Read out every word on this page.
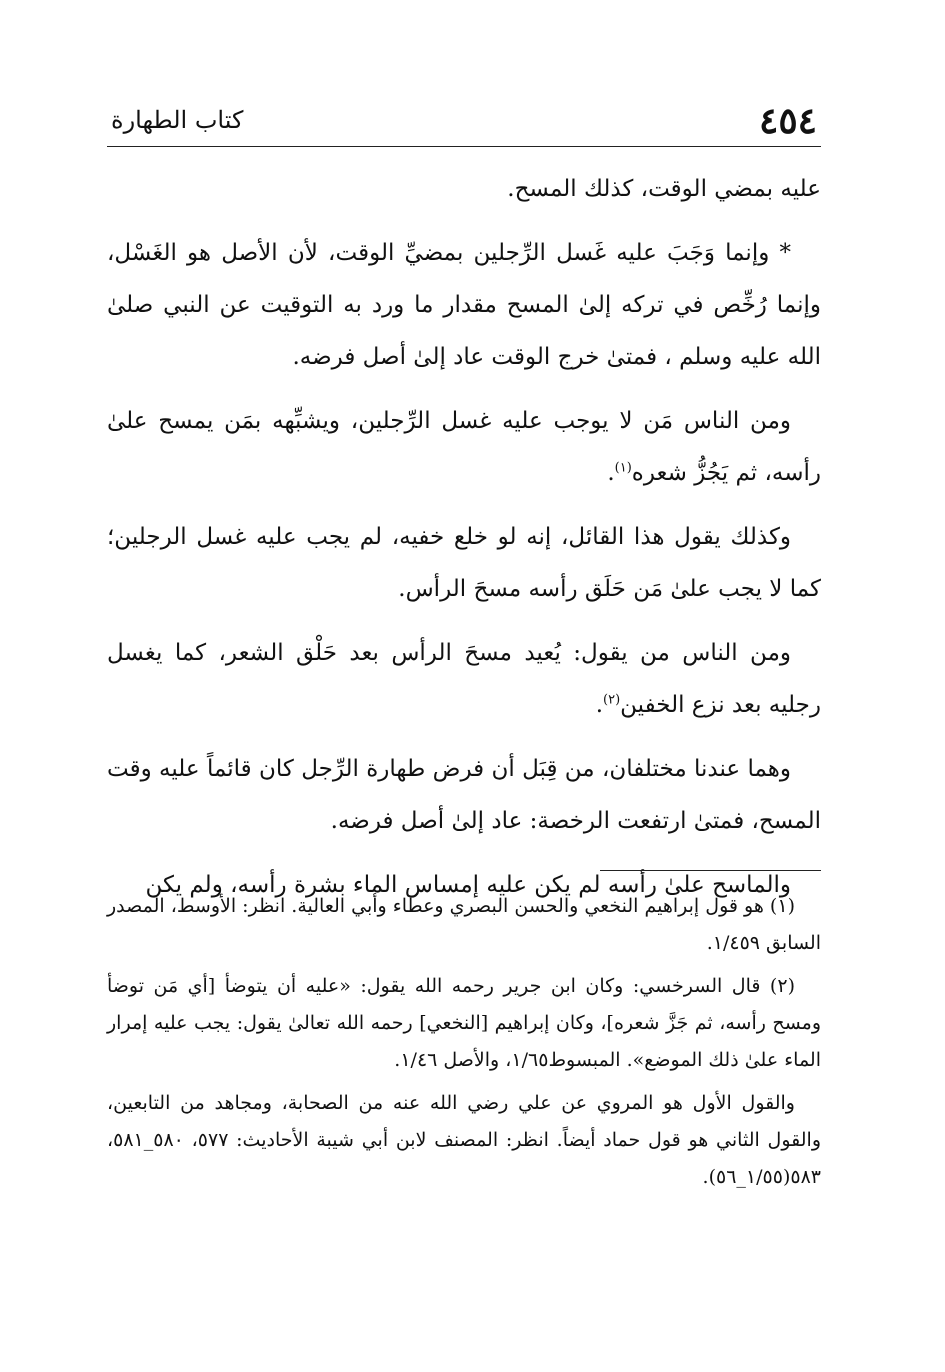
٤٥٤
كتاب الطهارة

عليه بمضي الوقت، كذلك المسح.

* وإنما وَجَبَ عليه غَسل الرِّجلين بمضيِّ الوقت، لأن الأصل هو الغَسْل، وإنما رُخِّص في تركه إلىٰ المسح مقدار ما ورد به التوقيت عن النبي صلىٰ الله عليه وسلم ، فمتىٰ خرج الوقت عاد إلىٰ أصل فرضه.

ومن الناس مَن لا يوجب عليه غسل الرِّجلين، ويشبِّهه بمَن يمسح علىٰ رأسه، ثم يَجُزُّ شعره$^{(١)}$.

وكذلك يقول هذا القائل، إنه لو خلع خفيه، لم يجب عليه غسل الرجلين؛ كما لا يجب علىٰ مَن حَلَق رأسه مسحَ الرأس.

ومن الناس من يقول: يُعيد مسحَ الرأس بعد حَلْق الشعر، كما يغسل رجليه بعد نزع الخفين$^{(٢)}$.

وهما عندنا مختلفان، من قِبَل أن فرض طهارة الرِّجل كان قائماً عليه وقت المسح، فمتىٰ ارتفعت الرخصة: عاد إلىٰ أصل فرضه.

والماسح علىٰ رأسه لم يكن عليه إمساس الماء بشرة رأسه، ولم يكن

(١) هو قول إبراهيم النخعي والحسن البصري وعطاء وأبي العالية. انظر: الأوسط، المصدر السابق ١/٤٥٩.

(٢) قال السرخسي: وكان ابن جرير رحمه الله يقول: «عليه أن يتوضأ [أي مَن توضأ ومسح رأسه، ثم جَزَّ شعره]، وكان إبراهيم [النخعي] رحمه الله تعالىٰ يقول: يجب عليه إمرار الماء علىٰ ذلك الموضع». المبسوط١/٦٥، والأصل ١/٤٦.

والقول الأول هو المروي عن علي رضي الله عنه من الصحابة، ومجاهد من التابعين، والقول الثاني هو قول حماد أيضاً. انظر: المصنف لابن أبي شيبة الأحاديث: ٥٧٧، ٥٨٠_٥٨١، ٥٨٣(١/٥٥_٥٦).
